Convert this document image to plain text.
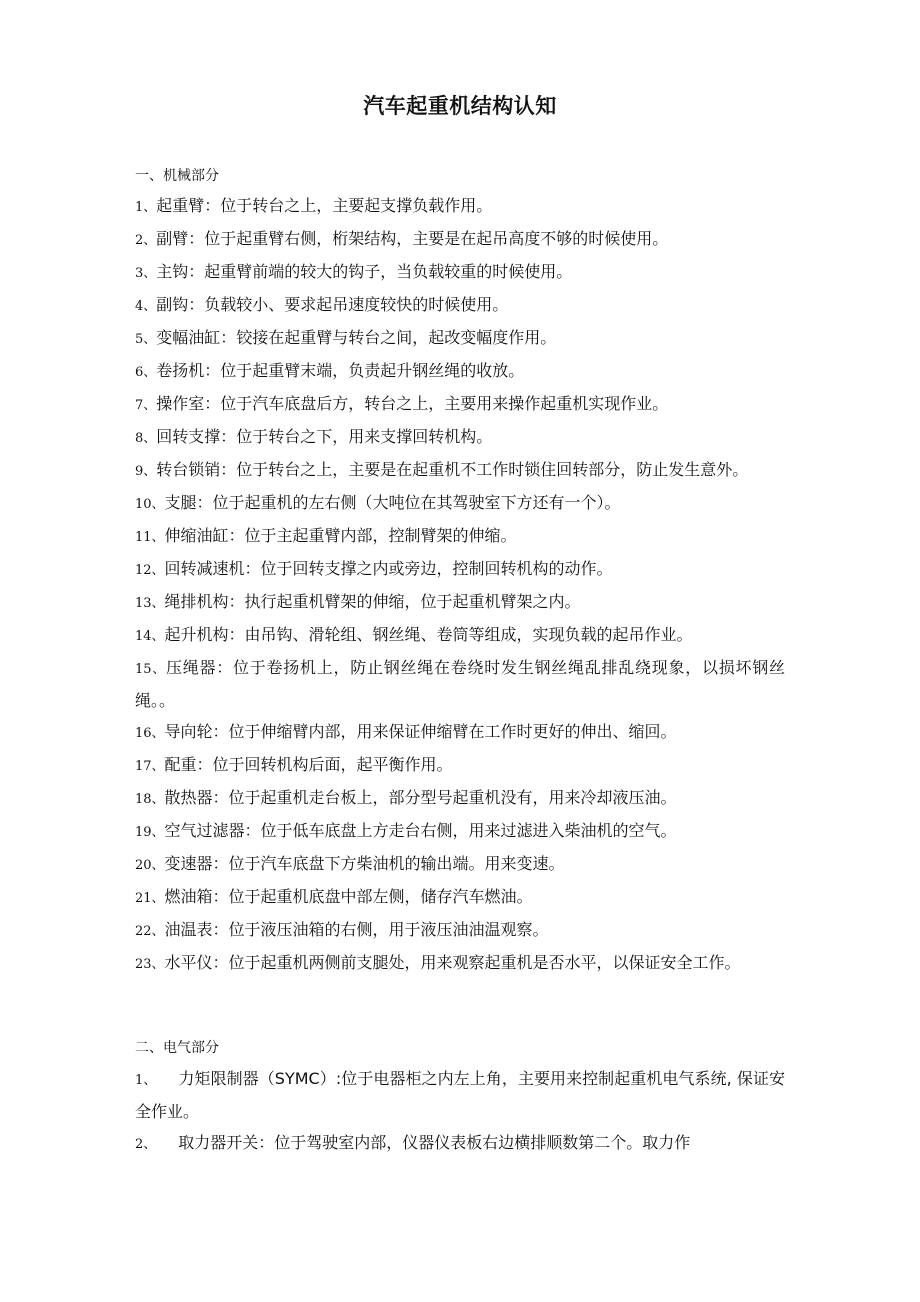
汽车起重机结构认知
一、机械部分
1、起重臂：位于转台之上，主要起支撑负载作用。
2、副臂：位于起重臂右侧，桁架结构，主要是在起吊高度不够的时候使用。
3、主钩：起重臂前端的较大的钩子，当负载较重的时候使用。
4、副钩：负载较小、要求起吊速度较快的时候使用。
5、变幅油缸：铰接在起重臂与转台之间，起改变幅度作用。
6、卷扬机：位于起重臂末端，负责起升钢丝绳的收放。
7、操作室：位于汽车底盘后方，转台之上，主要用来操作起重机实现作业。
8、回转支撑：位于转台之下，用来支撑回转机构。
9、转台锁销：位于转台之上，主要是在起重机不工作时锁住回转部分，防止发生意外。
10、支腿：位于起重机的左右侧（大吨位在其驾驶室下方还有一个）。
11、伸缩油缸：位于主起重臂内部，控制臂架的伸缩。
12、回转减速机：位于回转支撑之内或旁边，控制回转机构的动作。
13、绳排机构：执行起重机臂架的伸缩，位于起重机臂架之内。
14、起升机构：由吊钩、滑轮组、钢丝绳、卷筒等组成，实现负载的起吊作业。
15、压绳器：位于卷扬机上，防止钢丝绳在卷绕时发生钢丝绳乱排乱绕现象，以损坏钢丝绳。。
16、导向轮：位于伸缩臂内部，用来保证伸缩臂在工作时更好的伸出、缩回。
17、配重：位于回转机构后面，起平衡作用。
18、散热器：位于起重机走台板上，部分型号起重机没有，用来冷却液压油。
19、空气过滤器：位于低车底盘上方走台右侧，用来过滤进入柴油机的空气。
20、变速器：位于汽车底盘下方柴油机的输出端。用来变速。
21、燃油箱：位于起重机底盘中部左侧，储存汽车燃油。
22、油温表：位于液压油箱的右侧，用于液压油油温观察。
23、水平仪：位于起重机两侧前支腿处，用来观察起重机是否水平，以保证安全工作。
二、电气部分
1、 力矩限制器（SYMC）:位于电器柜之内左上角，主要用来控制起重机电气系统, 保证安全作业。
2、 取力器开关：位于驾驶室内部，仪器仪表板右边横排顺数第二个。取力作
